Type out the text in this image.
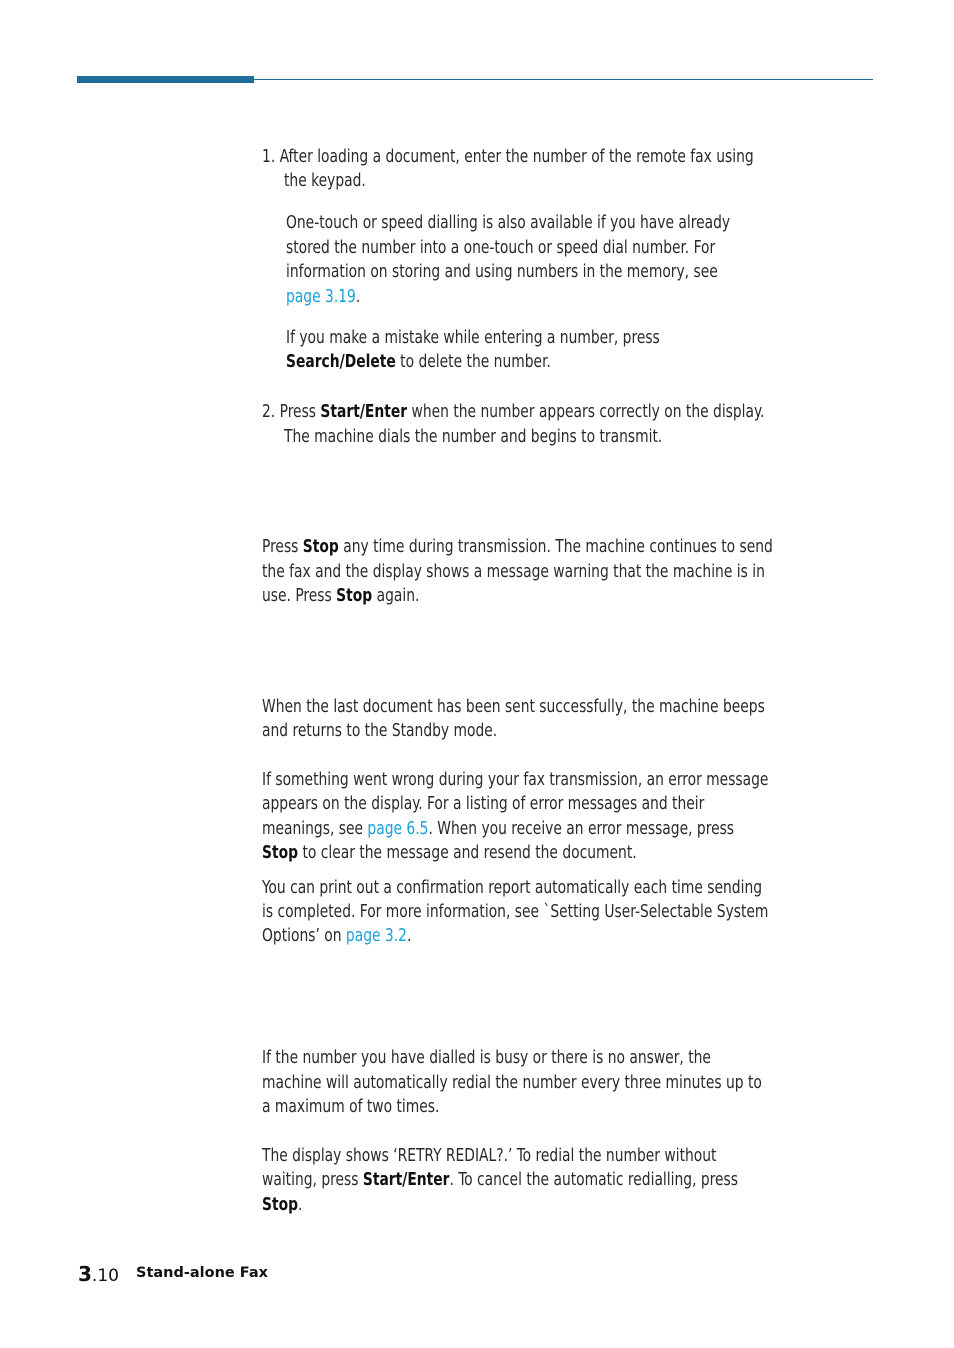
1. After loading a document, enter the number of the remote fax using
the keypad.
One-touch or speed dialling is also available if you have already
stored the number into a one-touch or speed dial number. For
information on storing and using numbers in the memory, see
page 3.19.
If you make a mistake while entering a number, press
Search/Delete to delete the number.
2. Press Start/Enter when the number appears correctly on the display.
The machine dials the number and begins to transmit.
Press Stop any time during transmission. The machine continues to send
the fax and the display shows a message warning that the machine is in
use. Press Stop again.
When the last document has been sent successfully, the machine beeps
and returns to the Standby mode.
If something went wrong during your fax transmission, an error message
appears on the display. For a listing of error messages and their
meanings, see page 6.5. When you receive an error message, press
Stop to clear the message and resend the document.
You can print out a confirmation report automatically each time sending
is completed. For more information, see `Setting User-Selectable System
Options’ on page 3.2.
If the number you have dialled is busy or there is no answer, the
machine will automatically redial the number every three minutes up to
a maximum of two times.
The display shows ‘RETRY REDIAL?.’ To redial the number without
waiting, press Start/Enter. To cancel the automatic redialling, press
Stop.
3.10 Stand-alone Fax
